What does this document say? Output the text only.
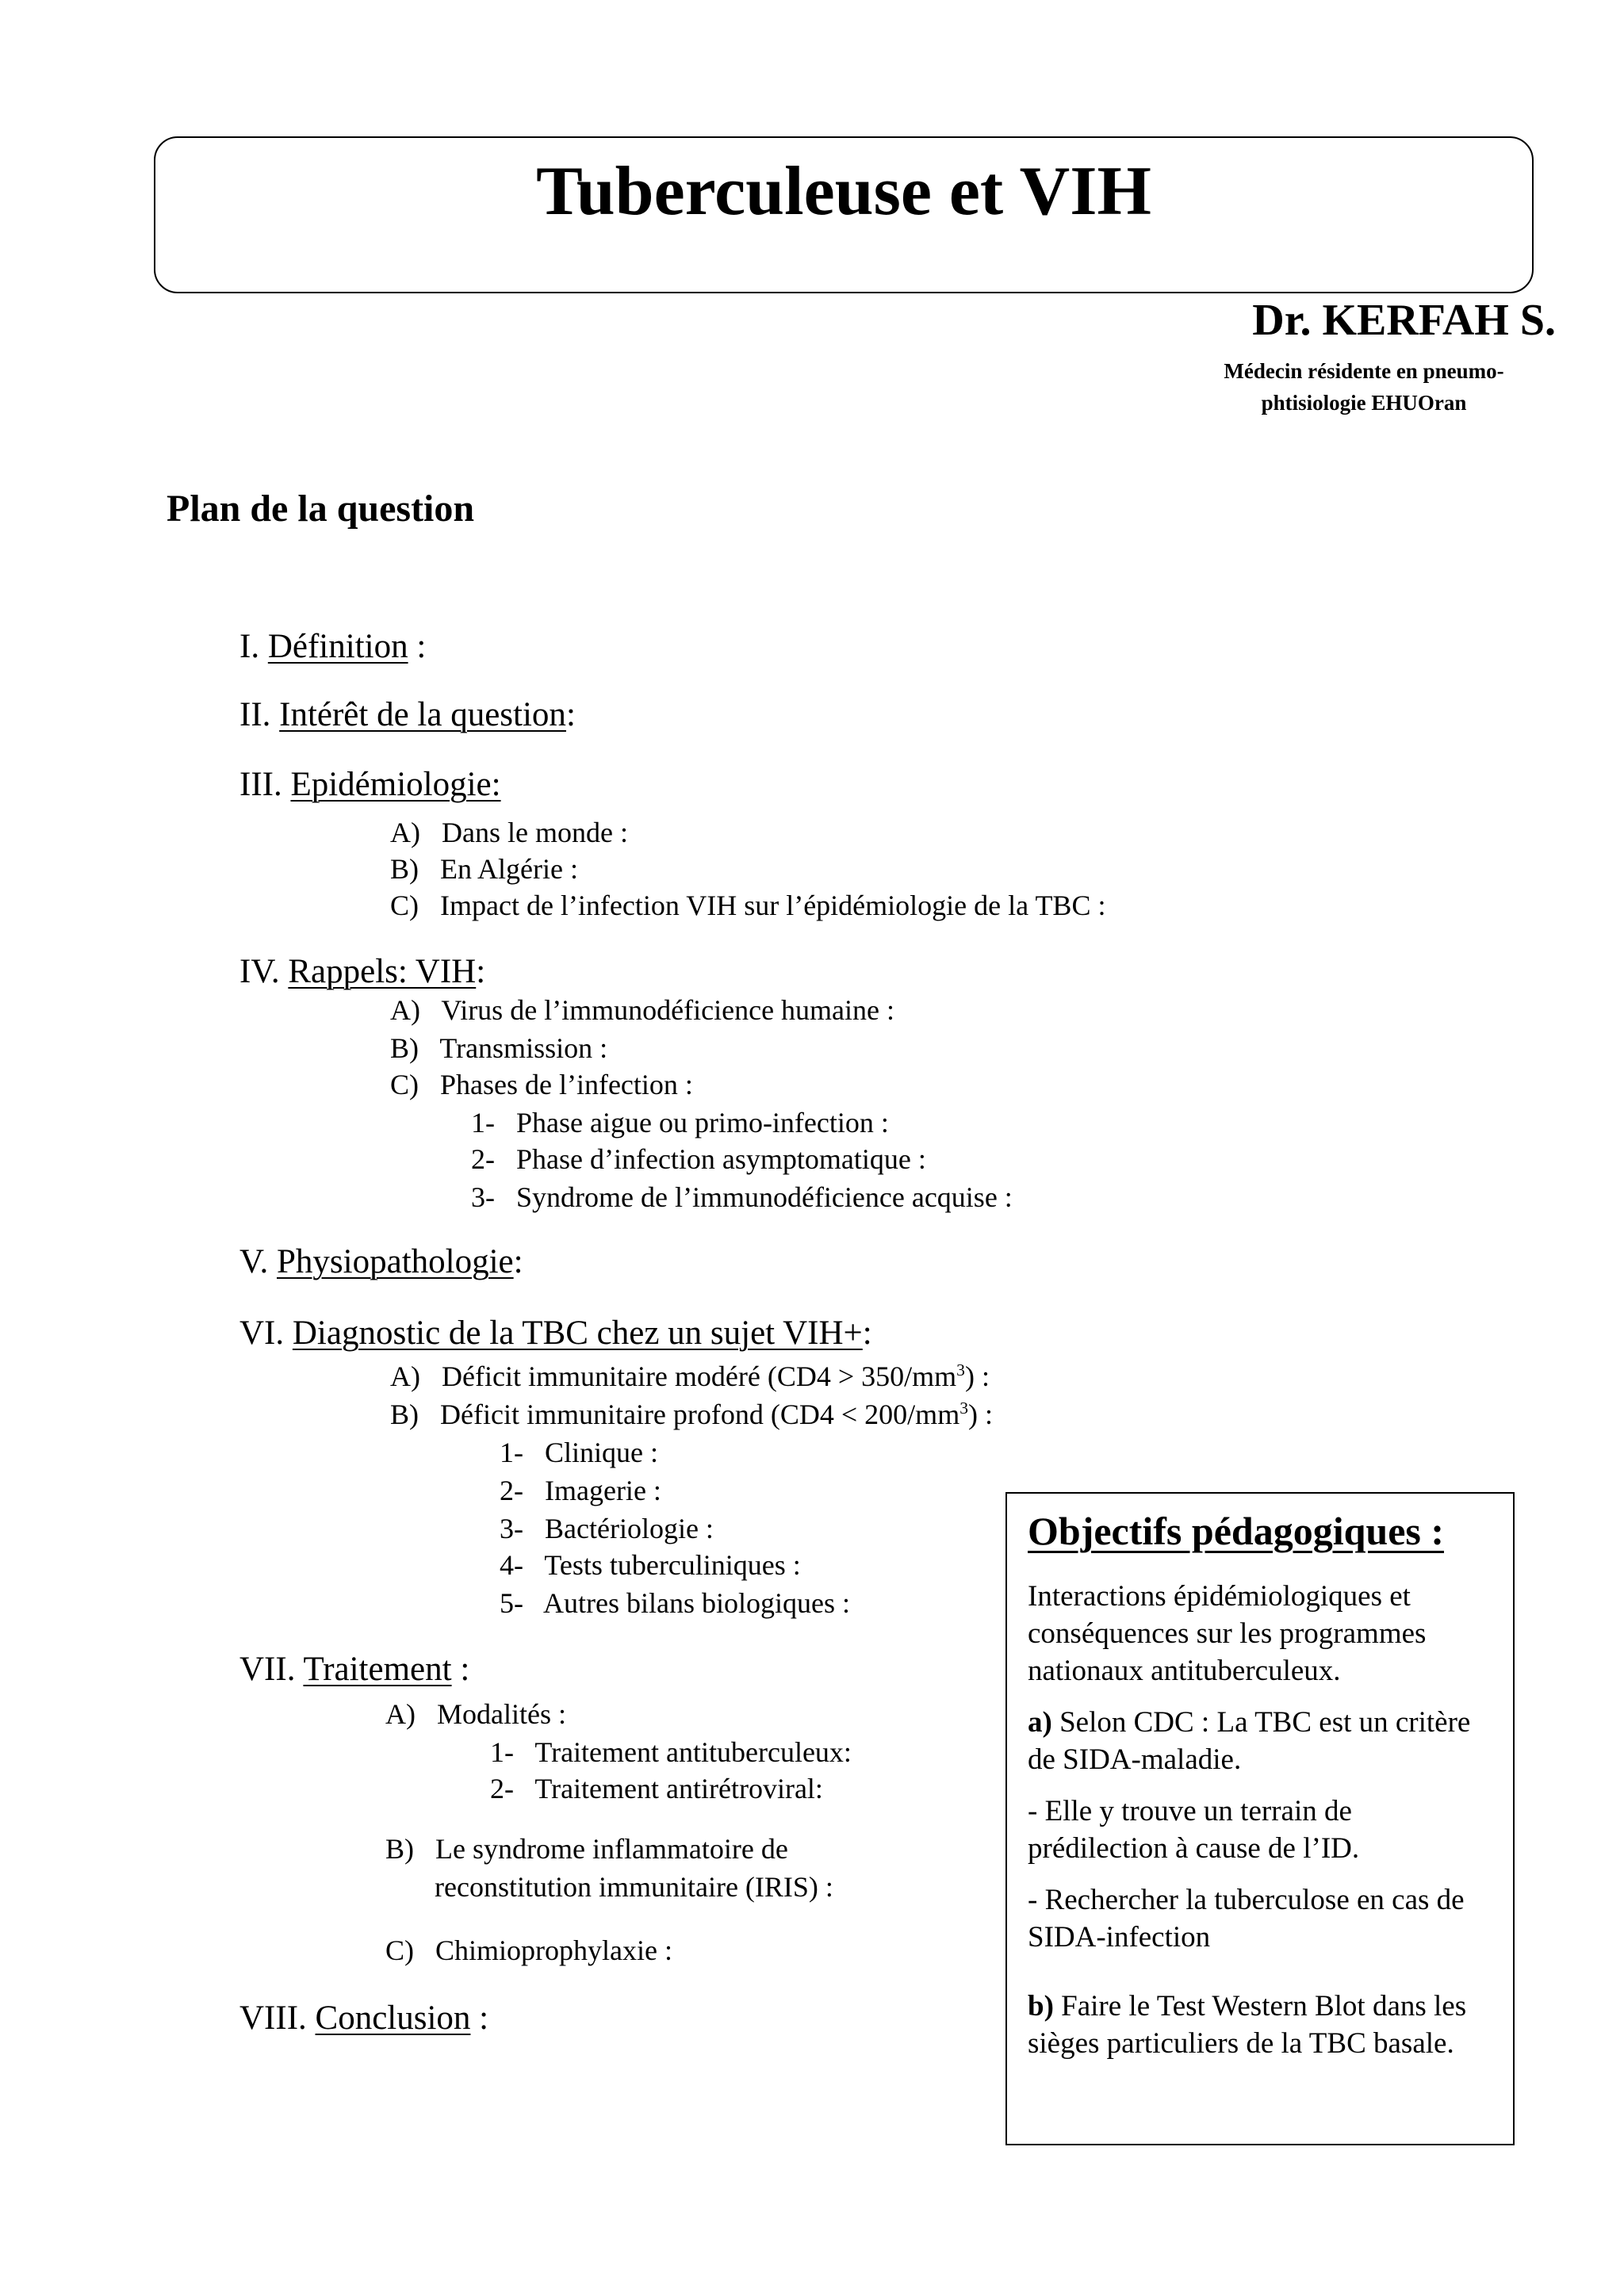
Tuberculeuse et VIH
Dr. KERFAH S.
Médecin résidente en pneumo-
phtisiologie EHUOran
Plan de la question
I. Définition :
II. Intérêt de la question:
III. Epidémiologie:
A) Dans le monde :
B) En Algérie :
C) Impact de l’infection VIH sur l’épidémiologie de la TBC :
IV. Rappels: VIH:
A) Virus de l’immunodéficience humaine :
B) Transmission :
C) Phases de l’infection :
1- Phase aigue ou primo-infection :
2- Phase d’infection asymptomatique :
3- Syndrome de l’immunodéficience acquise :
V. Physiopathologie:
VI. Diagnostic de la TBC chez un sujet VIH+:
A) Déficit immunitaire modéré $(CD4 > 350/mm^3)$ :
B) Déficit immunitaire profond $(CD4 < 200/mm^3)$ :
1- Clinique :
2- Imagerie :
3- Bactériologie :
4- Tests tuberculiniques :
5- Autres bilans biologiques :
VII. Traitement :
A) Modalités :
1- Traitement antituberculeux:
2- Traitement antirétroviral:
B) Le syndrome inflammatoire de
reconstitution immunitaire (IRIS) :
C) Chimioprophylaxie :
VIII. Conclusion :
Objectifs pédagogiques :

Interactions épidémiologiques et conséquences sur les programmes nationaux antituberculeux.

a) Selon CDC : La TBC est un critère de SIDA-maladie.

- Elle y trouve un terrain de prédilection à cause de l’ID.

- Rechercher la tuberculose en cas de SIDA-infection

b) Faire le Test Western Blot dans les sièges particuliers de la TBC basale.
